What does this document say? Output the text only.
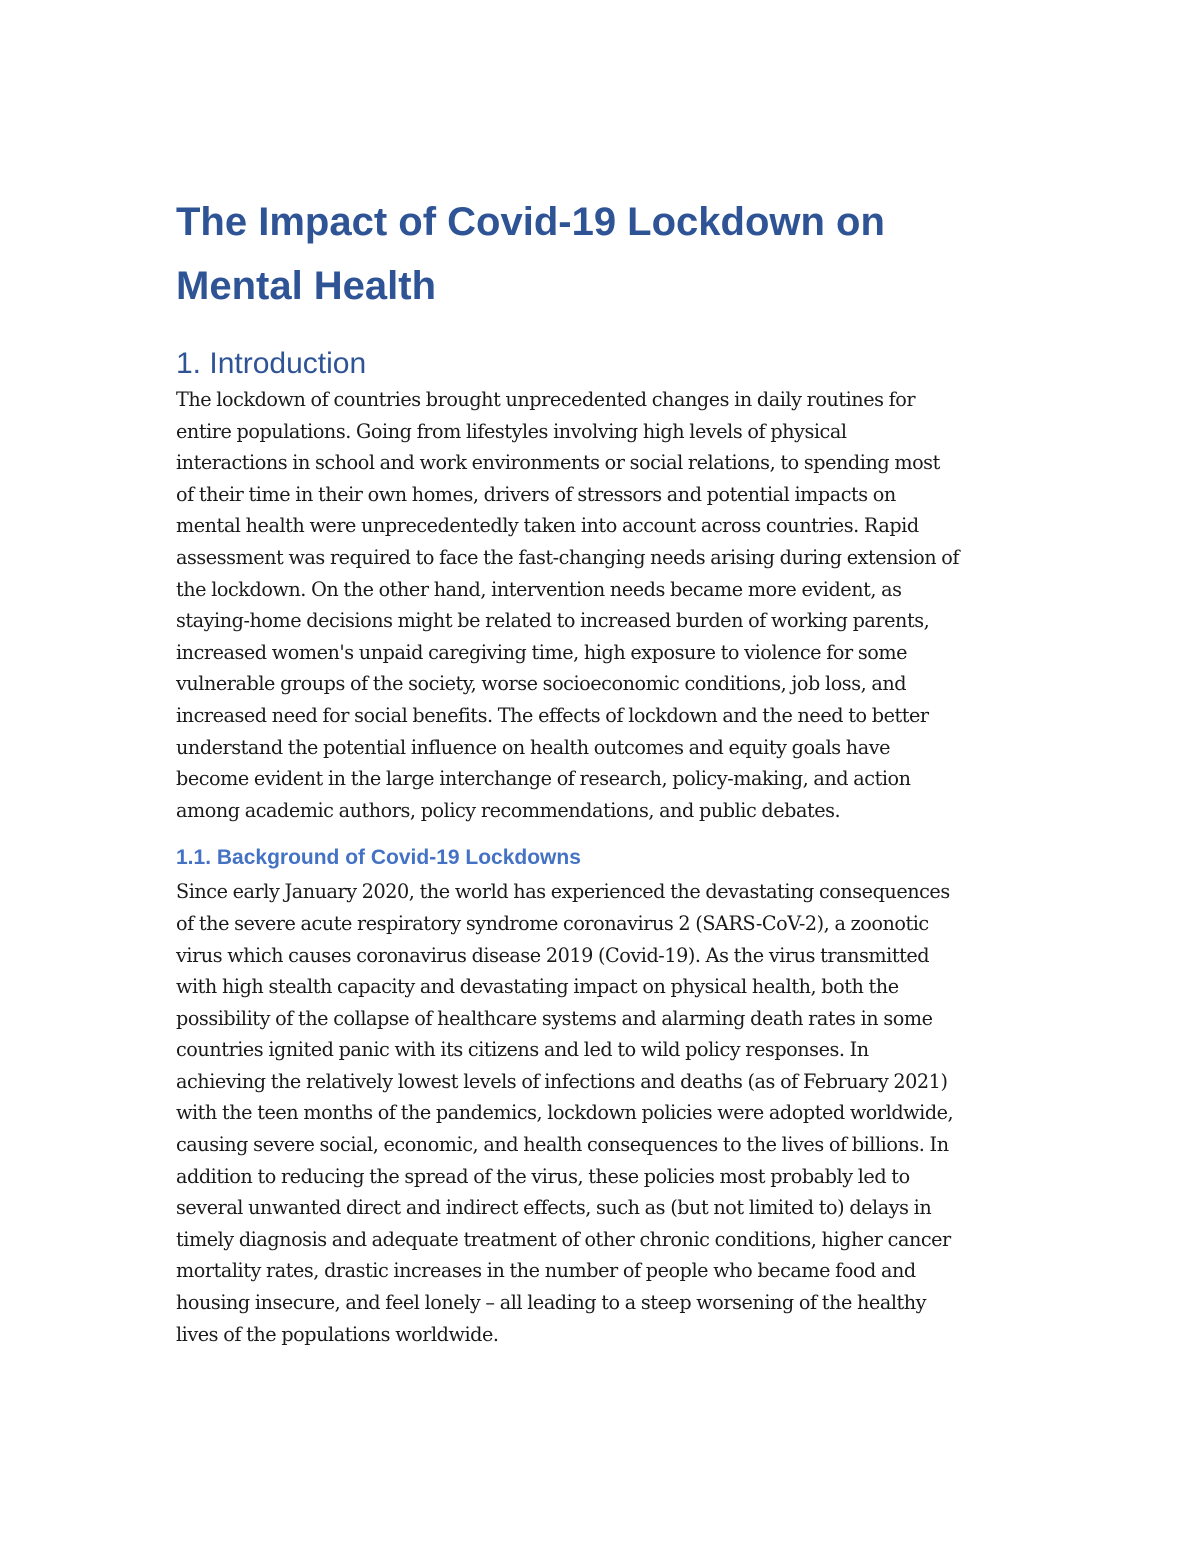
The Impact of Covid-19 Lockdown on
Mental Health
1. Introduction

The lockdown of countries brought unprecedented changes in daily routines for
entire populations. Going from lifestyles involving high levels of physical
interactions in school and work environments or social relations, to spending most
of their time in their own homes, drivers of stressors and potential impacts on
mental health were unprecedentedly taken into account across countries. Rapid
assessment was required to face the fast-changing needs arising during extension of
the lockdown. On the other hand, intervention needs became more evident, as
staying-home decisions might be related to increased burden of working parents,
increased women's unpaid caregiving time, high exposure to violence for some
vulnerable groups of the society, worse socioeconomic conditions, job loss, and
increased need for social benefits. The effects of lockdown and the need to better
understand the potential influence on health outcomes and equity goals have
become evident in the large interchange of research, policy-making, and action
among academic authors, policy recommendations, and public debates.

1.1. Background of Covid-19 Lockdowns

Since early January 2020, the world has experienced the devastating consequences
of the severe acute respiratory syndrome coronavirus 2 (SARS-CoV-2), a zoonotic
virus which causes coronavirus disease 2019 (Covid-19). As the virus transmitted
with high stealth capacity and devastating impact on physical health, both the
possibility of the collapse of healthcare systems and alarming death rates in some
countries ignited panic with its citizens and led to wild policy responses. In
achieving the relatively lowest levels of infections and deaths (as of February 2021)
with the teen months of the pandemics, lockdown policies were adopted worldwide,
causing severe social, economic, and health consequences to the lives of billions. In
addition to reducing the spread of the virus, these policies most probably led to
several unwanted direct and indirect effects, such as (but not limited to) delays in
timely diagnosis and adequate treatment of other chronic conditions, higher cancer
mortality rates, drastic increases in the number of people who became food and
housing insecure, and feel lonely – all leading to a steep worsening of the healthy
lives of the populations worldwide.
